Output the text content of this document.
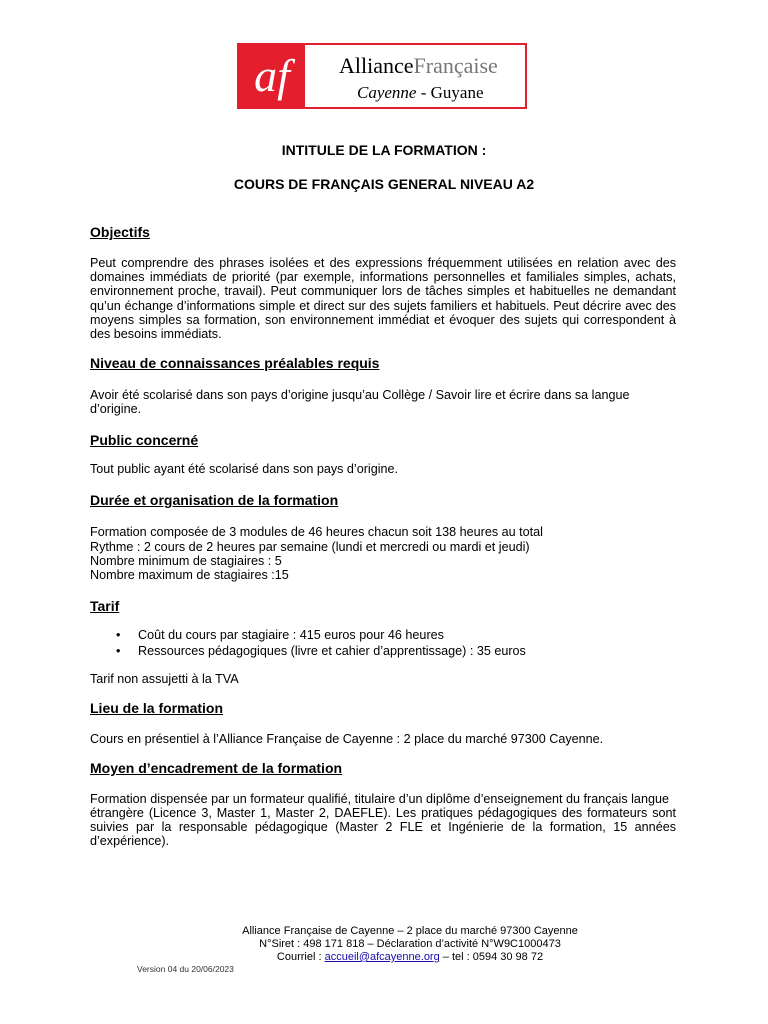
af	AllianceFrançaise
Cayenne - Guyane
INTITULE DE LA FORMATION :
COURS DE FRANÇAIS GENERAL NIVEAU A2
Objectifs
Peut comprendre des phrases isolées et des expressions fréquemment utilisées en relation avec des domaines immédiats de priorité (par exemple, informations personnelles et familiales simples, achats, environnement proche, travail). Peut communiquer lors de tâches simples et habituelles ne demandant qu’un échange d’informations simple et direct sur des sujets familiers et habituels. Peut décrire avec des moyens simples sa formation, son environnement immédiat et évoquer des sujets qui correspondent à des besoins immédiats.
Niveau de connaissances préalables requis
Avoir été scolarisé dans son pays d’origine jusqu’au Collège / Savoir lire et écrire dans sa langue
d’origine.
Public concerné
Tout public ayant été scolarisé dans son pays d’origine.
Durée et organisation de la formation
Formation composée de 3 modules de 46 heures chacun soit 138 heures au total
Rythme : 2 cours de 2 heures par semaine (lundi et mercredi ou mardi et jeudi)
Nombre minimum de stagiaires : 5
Nombre maximum de stagiaires :15
Tarif
• Coût du cours par stagiaire : 415 euros pour 46 heures
• Ressources pédagogiques (livre et cahier d’apprentissage) : 35 euros
Tarif non assujetti à la TVA
Lieu de la formation
Cours en présentiel à l’Alliance Française de Cayenne : 2 place du marché 97300 Cayenne.
Moyen d’encadrement de la formation
Formation dispensée par un formateur qualifié, titulaire d’un diplôme d’enseignement du français langue
étrangère (Licence 3, Master 1, Master 2, DAEFLE). Les pratiques pédagogiques des formateurs sont suivies par la responsable pédagogique (Master 2 FLE et Ingénierie de la formation, 15 années d’expérience).
Alliance Française de Cayenne – 2 place du marché 97300 Cayenne
N°Siret : 498 171 818 – Déclaration d’activité N°W9C1000473
Courriel : accueil@afcayenne.org – tel : 0594 30 98 72
Version 04 du 20/06/2023
